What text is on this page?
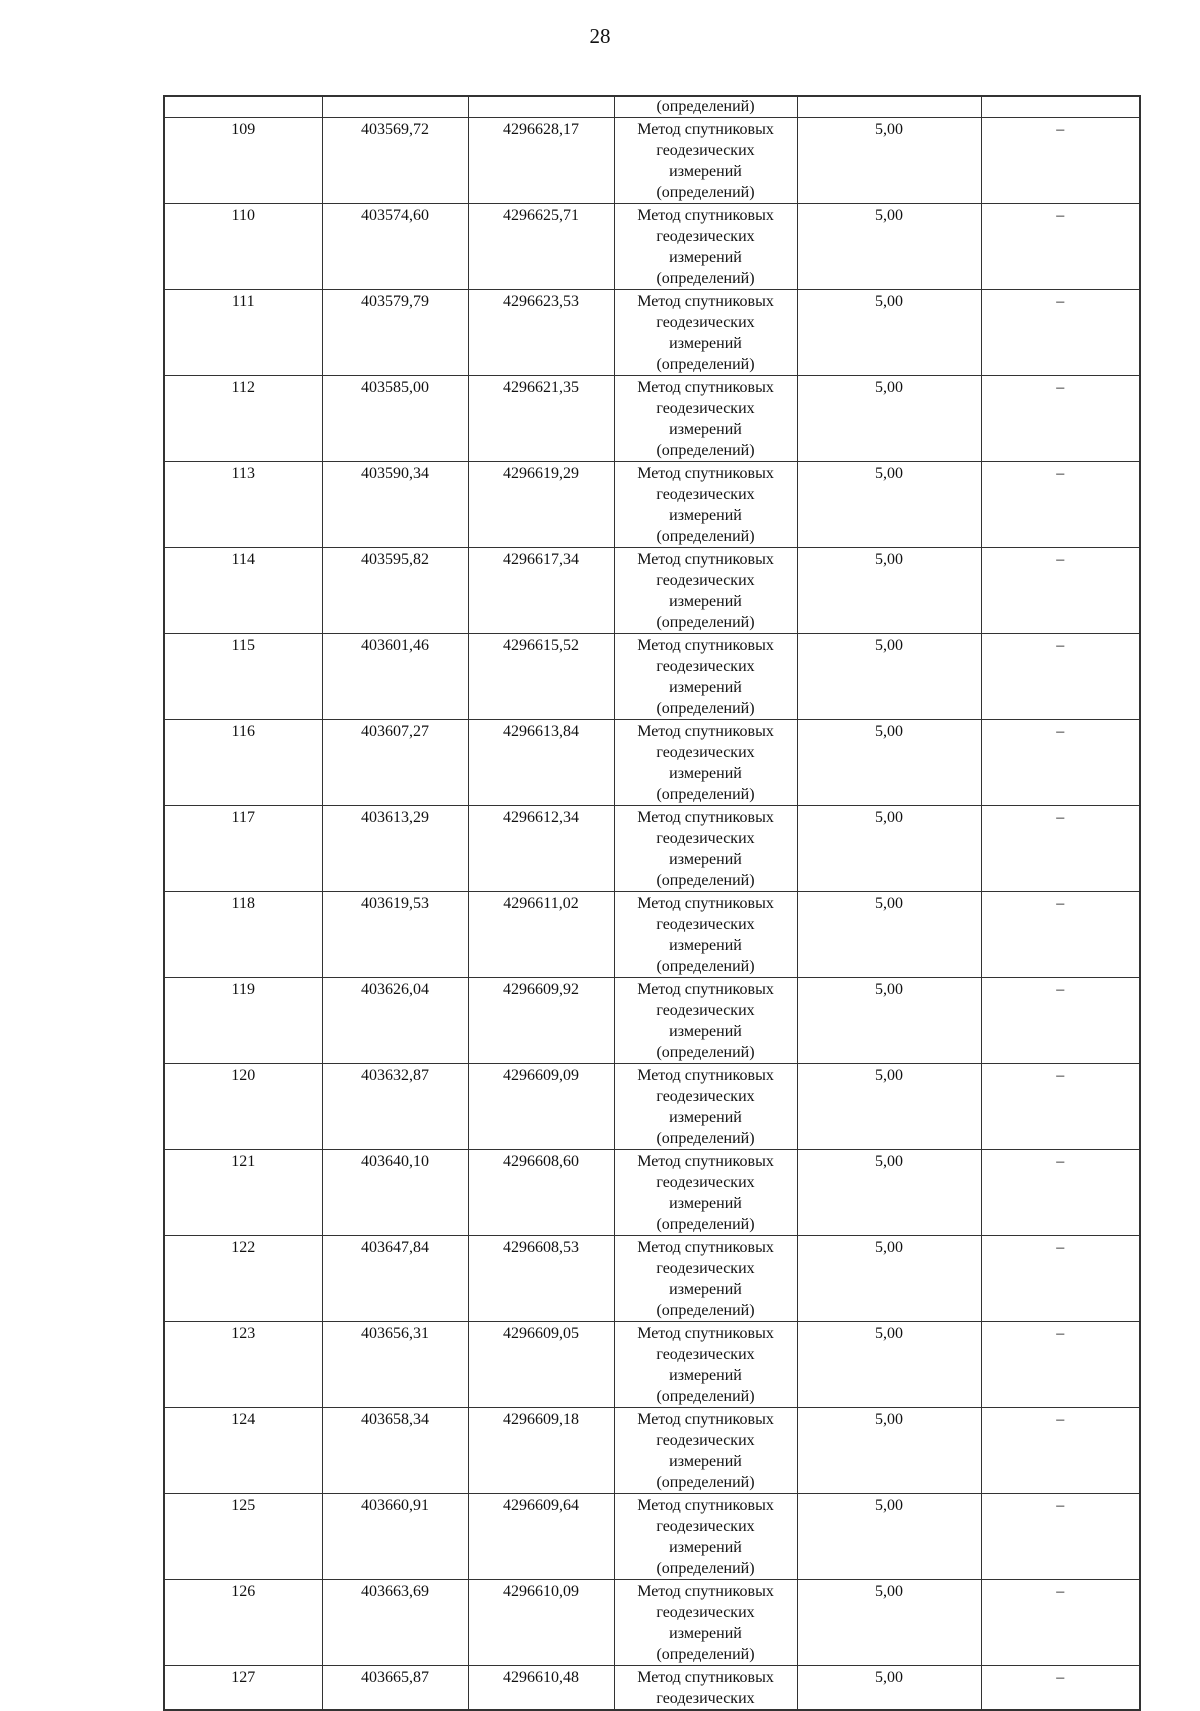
28
			(определений)		
109	403569,72	4296628,17	Метод спутниковых
геодезических
измерений
(определений)	5,00	–
110	403574,60	4296625,71	Метод спутниковых
геодезических
измерений
(определений)	5,00	–
111	403579,79	4296623,53	Метод спутниковых
геодезических
измерений
(определений)	5,00	–
112	403585,00	4296621,35	Метод спутниковых
геодезических
измерений
(определений)	5,00	–
113	403590,34	4296619,29	Метод спутниковых
геодезических
измерений
(определений)	5,00	–
114	403595,82	4296617,34	Метод спутниковых
геодезических
измерений
(определений)	5,00	–
115	403601,46	4296615,52	Метод спутниковых
геодезических
измерений
(определений)	5,00	–
116	403607,27	4296613,84	Метод спутниковых
геодезических
измерений
(определений)	5,00	–
117	403613,29	4296612,34	Метод спутниковых
геодезических
измерений
(определений)	5,00	–
118	403619,53	4296611,02	Метод спутниковых
геодезических
измерений
(определений)	5,00	–
119	403626,04	4296609,92	Метод спутниковых
геодезических
измерений
(определений)	5,00	–
120	403632,87	4296609,09	Метод спутниковых
геодезических
измерений
(определений)	5,00	–
121	403640,10	4296608,60	Метод спутниковых
геодезических
измерений
(определений)	5,00	–
122	403647,84	4296608,53	Метод спутниковых
геодезических
измерений
(определений)	5,00	–
123	403656,31	4296609,05	Метод спутниковых
геодезических
измерений
(определений)	5,00	–
124	403658,34	4296609,18	Метод спутниковых
геодезических
измерений
(определений)	5,00	–
125	403660,91	4296609,64	Метод спутниковых
геодезических
измерений
(определений)	5,00	–
126	403663,69	4296610,09	Метод спутниковых
геодезических
измерений
(определений)	5,00	–
127	403665,87	4296610,48	Метод спутниковых
геодезических	5,00	–
